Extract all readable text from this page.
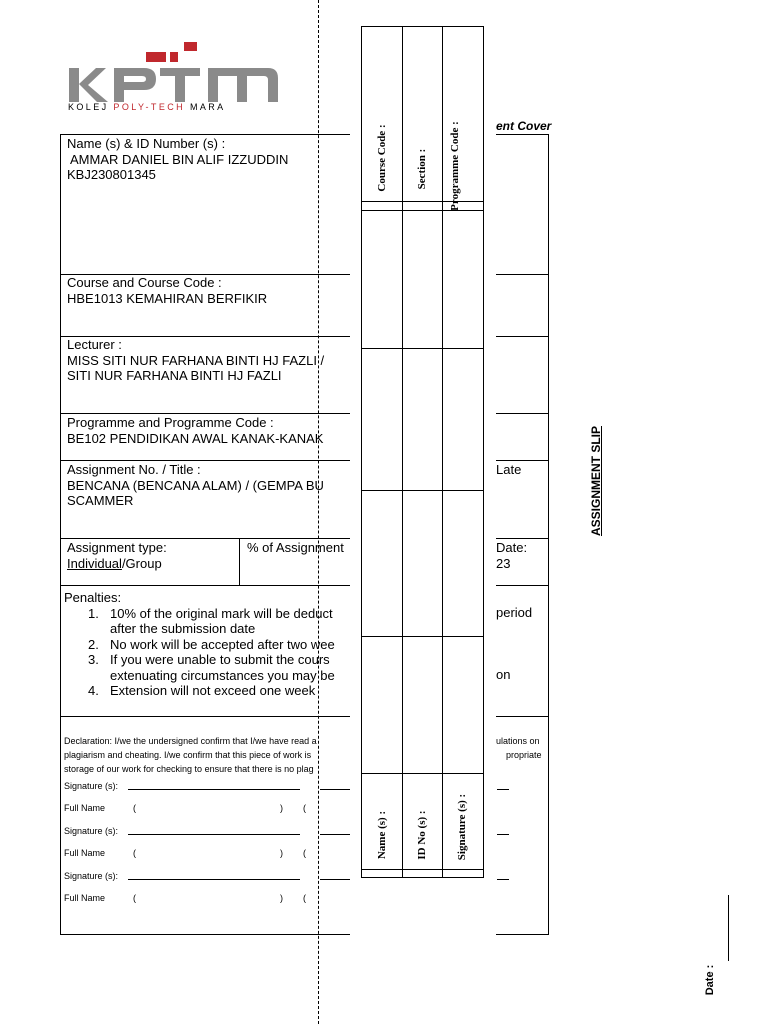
KOLEJ POLY-TECH MARA
ent Cover
Name (s) & ID Number (s) :
AMMAR DANIEL BIN ALIF IZZUDDIN
KBJ230801345
Course and Course Code :
HBE1013 KEMAHIRAN BERFIKIR
Lecturer :
MISS SITI NUR FARHANA BINTI HJ FAZLI /
SITI NUR FARHANA BINTI HJ FAZLI
Programme and Programme Code :
BE102 PENDIDIKAN AWAL KANAK-KANAK
Assignment No. / Title :
BENCANA (BENCANA ALAM) / (GEMPA BU
SCAMMER
Late
Assignment type:
Individual/Group
% of Assignment	Date:
23
Penalties:
1. 10% of the original mark will be deduct
after the submission date
2. No work will be accepted after two wee
3. If you were unable to submit the cours
extenuating circumstances you may be
4. Extension will not exceed one week
period
on
Declaration: I/we the undersigned confirm that I/we have read a
plagiarism and cheating. I/we confirm that this piece of work is
storage of our work for checking to ensure that there is no plag
ulations on
propriate
Signature (s):
Full Name	(	) (
Signature (s):
Full Name	(	) (
Signature (s):
Full Name	(	) (
Course Code :	Section : Programme Code :
Name (s) :	ID No (s) :	Signature (s) :
ASSIGNMENT SLIP
Date :
